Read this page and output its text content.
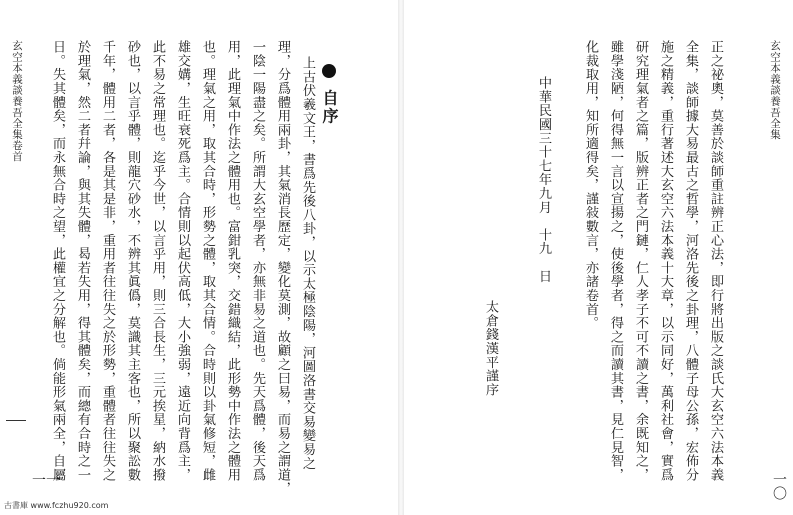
玄空本義談養吾全集
一〇
正之祕奧，莫善於談師重註辨正心法，即行將出版之談氏大玄空六法本義
全集，談師據大易最古之哲學，河洛先後之卦理，八體子母公孫，宏佈分
施之精義，重行著述大玄空六法本義十大章，以示同好，萬利社會，實爲
研究理氣者之篇，版辨正者之門鏈，仁人孝子不可不讀之書，余既知之，
雖學淺陋，何得無一言以宣揚之，使後學者，得之而讀其書，見仁見智，
化裁取用，知所適得矣，謹敍數言，亦諸卷首。
中華民國三十七年九月　十九　日
太倉錢漢平謹序
玄空本義談養吾全集卷首	自序
上古伏羲文王，書爲先後八卦，以示太極陰陽，河圖洛書交易變易之
理，分爲體用兩卦，其氣消長歷定，變化莫測，故顧之曰易，而易之謂道，
一陰一陽盡之矣。所謂大玄空學者，亦無非易之道也。先天爲體，後天爲
用，此理氣中作法之體用也。富鉗乳突，交錯織結，此形勢中作法之體用
也。理氣之用，取其合時，形勢之體，取其合情。合時則以卦氣修短，雌
雄交媾，生旺衰死爲主。合情則以起伏高低，大小強弱，遠近向背爲主，
此不易之常理也。迄乎今世，以言乎用，則三合長生，三元挨星，納水撥
砂也，以言乎體，則龍穴砂水，不辨其眞僞，莫識其主客也，所以聚訟數
千年，體用二者，各是其是非，重用者往往失之於形勢，重體者往往失之
於理氣，然二者幷論，與其失體，曷若失用，得其體矣，而總有合時之一
日。失其體矣，而永無合時之望，此權宜之分解也。倘能形氣兩全，自屬
一一
古書庫 www.fczhu920.com
